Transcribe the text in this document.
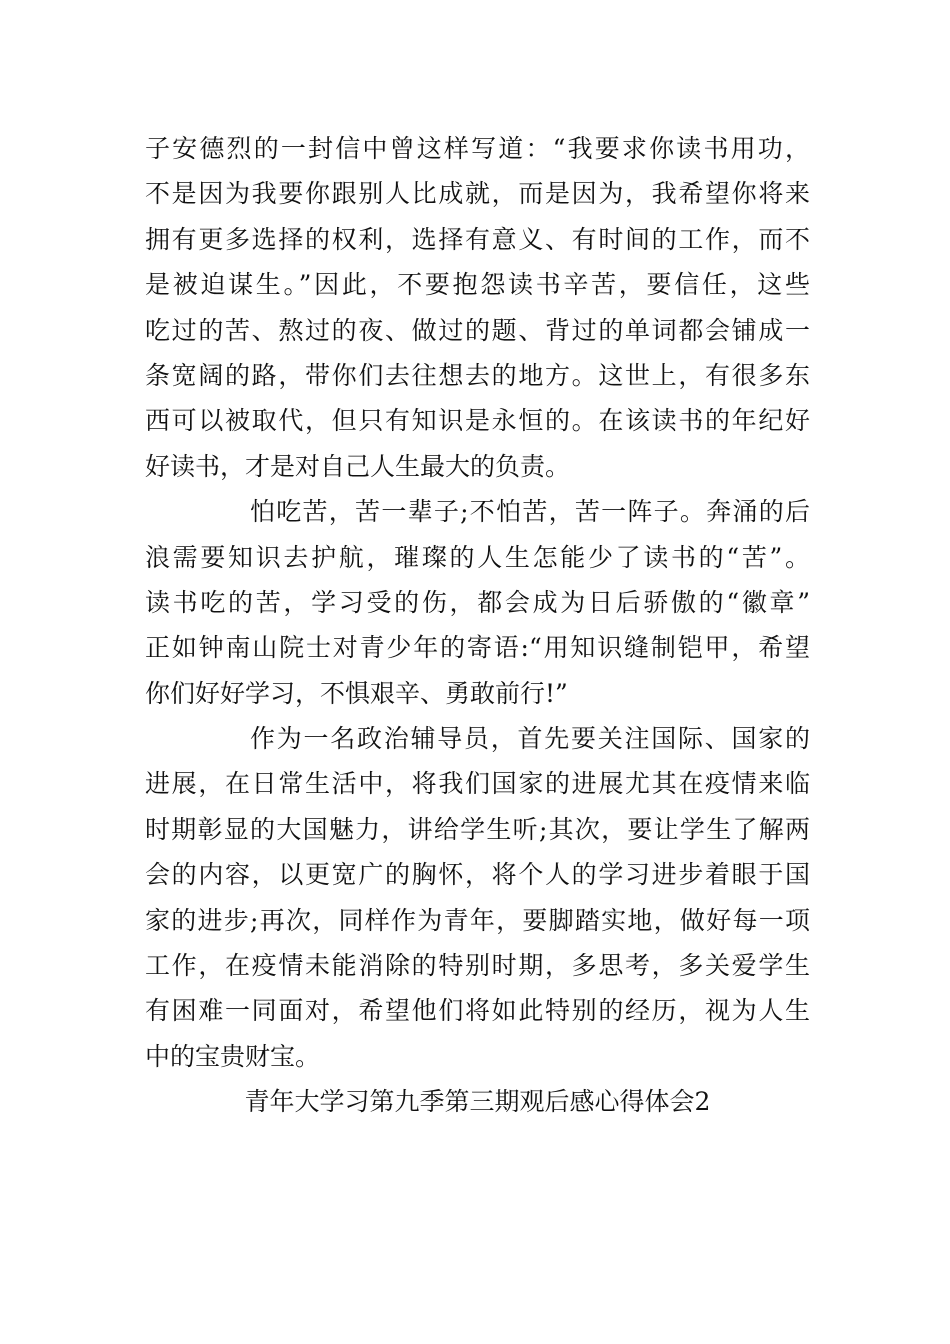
子安德烈的一封信中曾这样写道：“我要求你读书用功，
不是因为我要你跟别人比成就，而是因为，我希望你将来
拥有更多选择的权利，选择有意义、有时间的工作，而不
是被迫谋生。”因此，不要抱怨读书辛苦，要信任，这些
吃过的苦、熬过的夜、做过的题、背过的单词都会铺成一
条宽阔的路，带你们去往想去的地方。这世上，有很多东
西可以被取代，但只有知识是永恒的。在该读书的年纪好
好读书，才是对自己人生最大的负责。
怕吃苦，苦一辈子;不怕苦，苦一阵子。奔涌的后
浪需要知识去护航，璀璨的人生怎能少了读书的“苦”。
读书吃的苦，学习受的伤，都会成为日后骄傲的“徽章”
正如钟南山院士对青少年的寄语:“用知识缝制铠甲，希望
你们好好学习，不惧艰辛、勇敢前行!”
作为一名政治辅导员，首先要关注国际、国家的
进展，在日常生活中，将我们国家的进展尤其在疫情来临
时期彰显的大国魅力，讲给学生听;其次，要让学生了解两
会的内容，以更宽广的胸怀，将个人的学习进步着眼于国
家的进步;再次，同样作为青年，要脚踏实地，做好每一项
工作，在疫情未能消除的特别时期，多思考，多关爱学生
有困难一同面对，希望他们将如此特别的经历，视为人生
中的宝贵财宝。
青年大学习第九季第三期观后感心得体会2
